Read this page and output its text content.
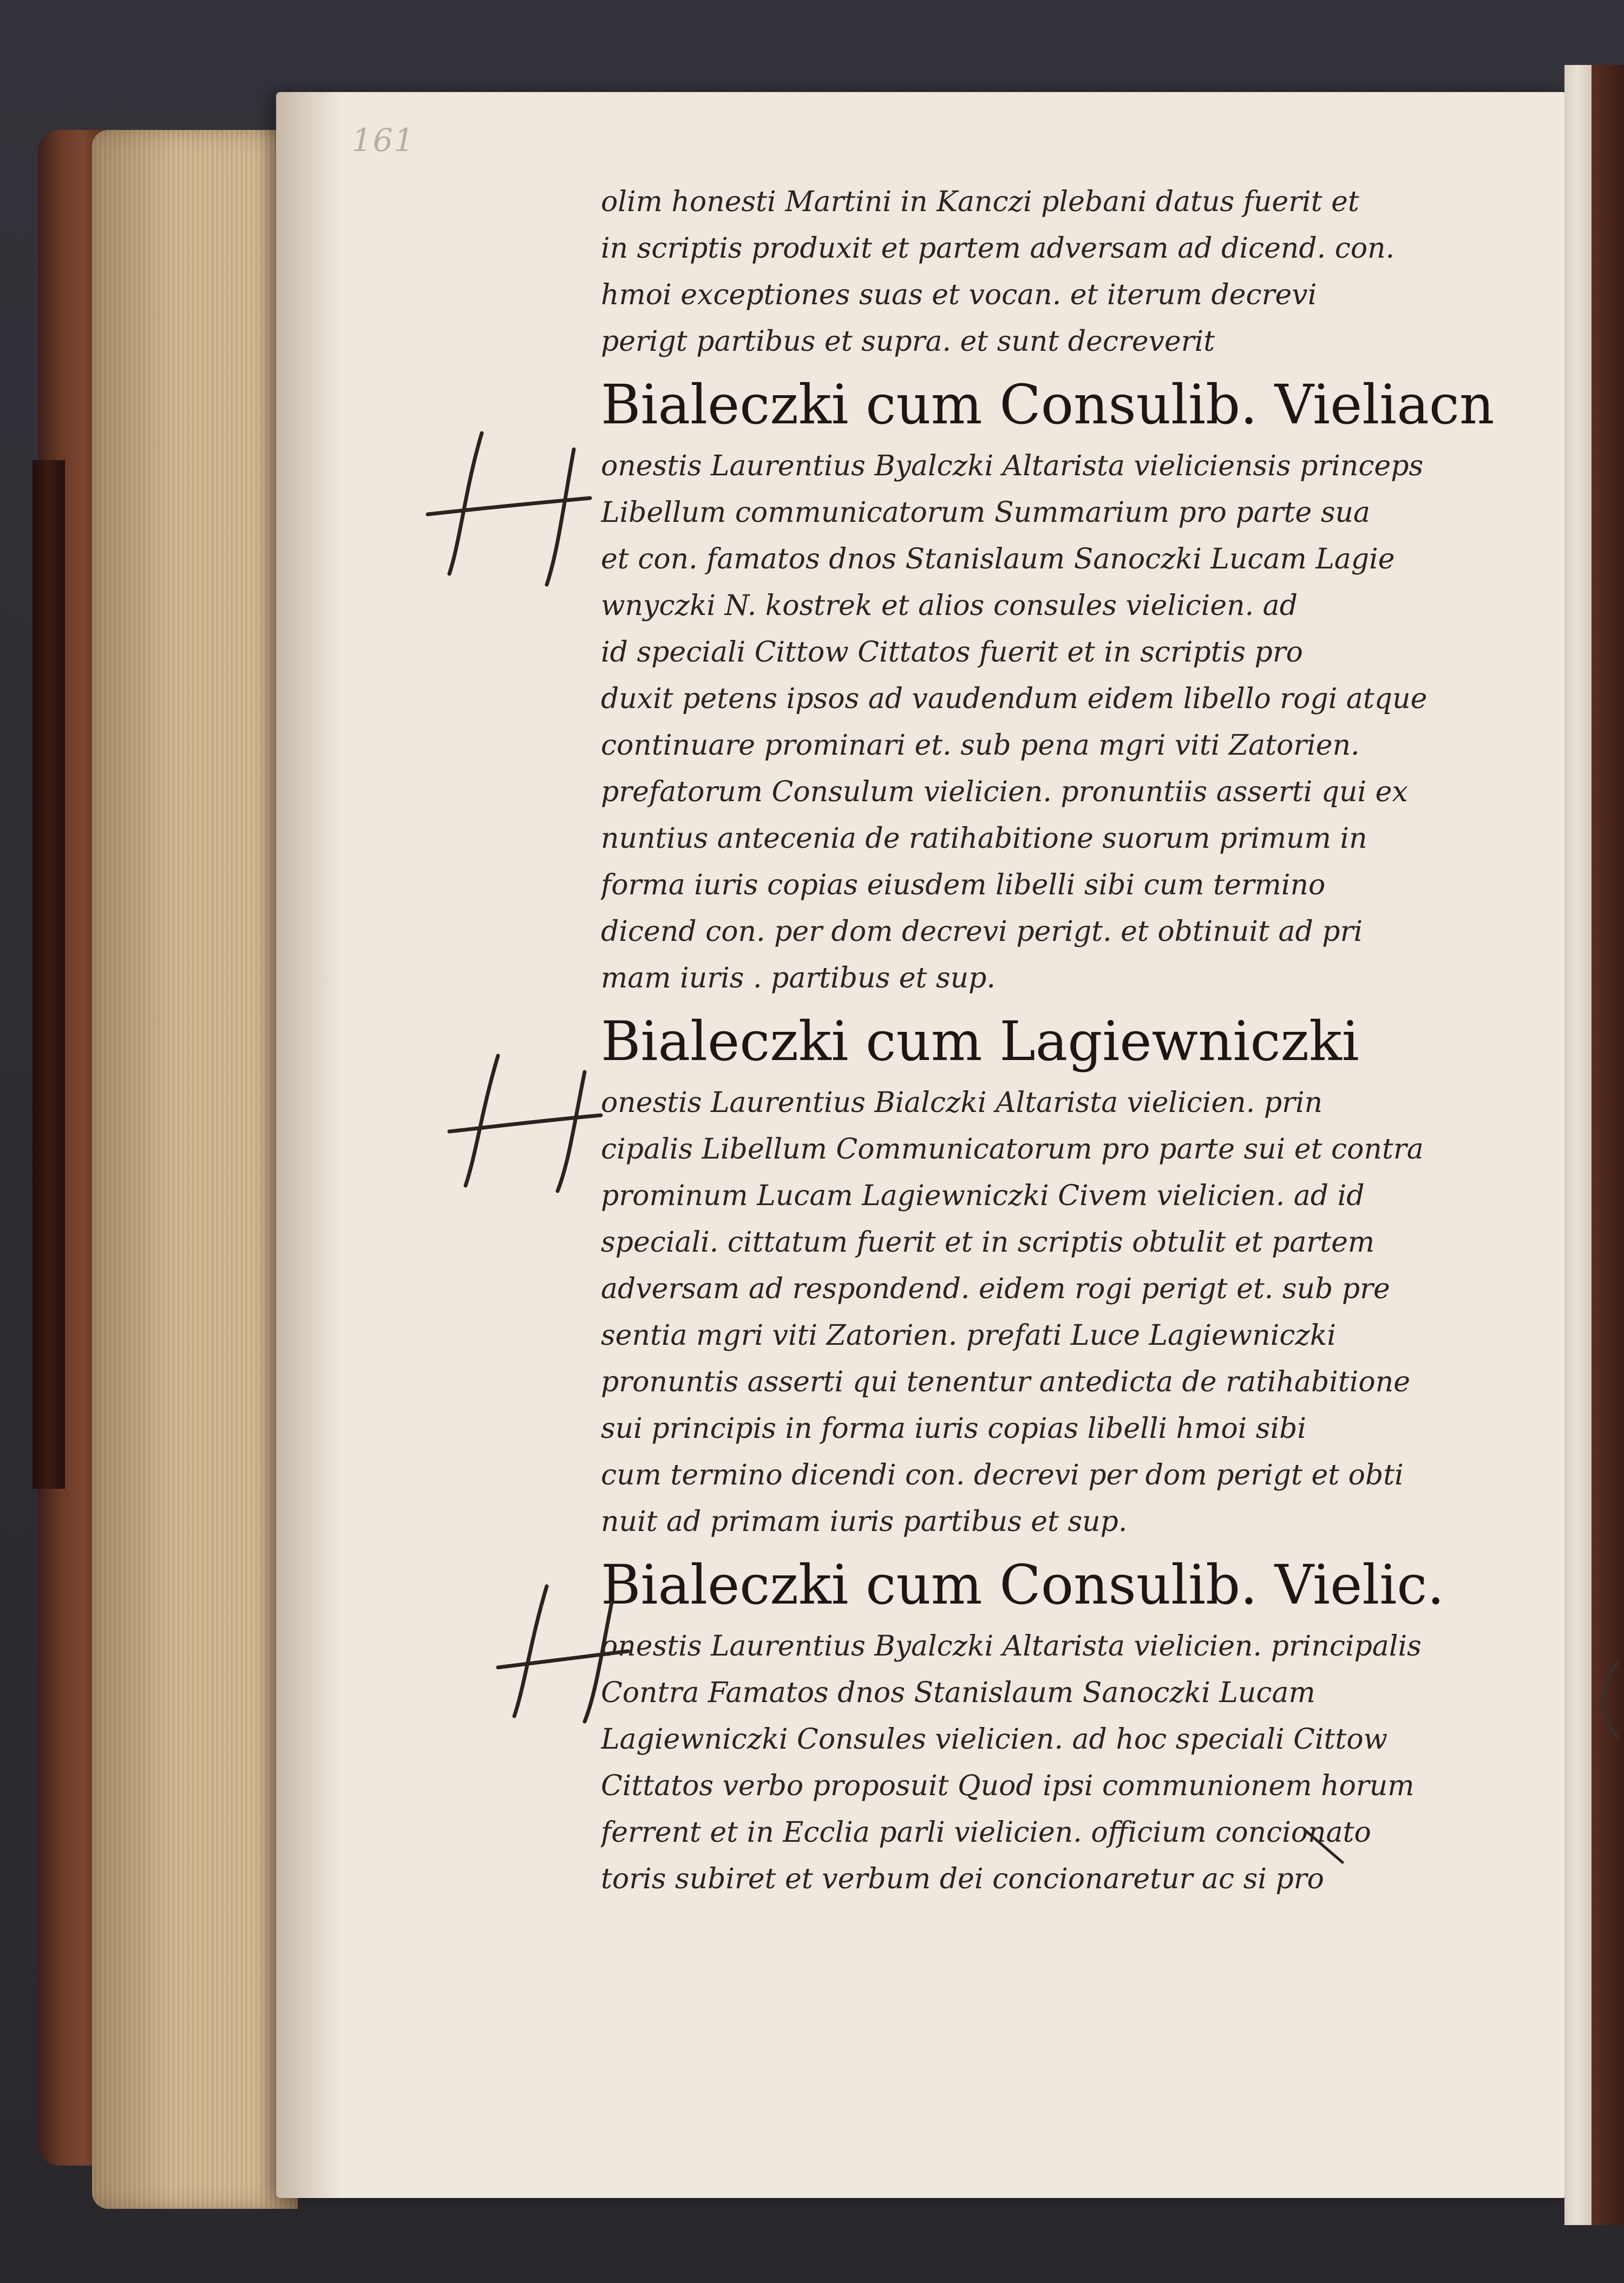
161
olim honesti Martini in Kanczi plebani datus fuerit et
in scriptis produxit et partem adversam ad dicend. con.
hmoi exceptiones suas et vocan. et iterum decrevi
perigt partibus et supra. et sunt decreverit
Bialeczki cum Consulib. Vieliacn
onestis Laurentius Byalczki Altarista vieliciensis princeps
Libellum communicatorum Summarium pro parte sua
et con. famatos dnos Stanislaum Sanoczki Lucam Lagie
wnyczki N. kostrek et alios consules vielicien. ad
id speciali Cittow Cittatos fuerit et in scriptis pro
duxit petens ipsos ad vaudendum eidem libello rogi atque
continuare prominari et. sub pena mgri viti Zatorien.
prefatorum Consulum vielicien. pronuntiis asserti qui ex
nuntius antecenia de ratihabitione suorum primum in
forma iuris copias eiusdem libelli sibi cum termino
dicend con. per dom decrevi perigt. et obtinuit ad pri
mam iuris . partibus et sup.
Bialeczki cum Lagiewniczki
onestis Laurentius Bialczki Altarista vielicien. prin
cipalis Libellum Communicatorum pro parte sui et contra
prominum Lucam Lagiewniczki Civem vielicien. ad id
speciali. cittatum fuerit et in scriptis obtulit et partem
adversam ad respondend. eidem rogi perigt et. sub pre
sentia mgri viti Zatorien. prefati Luce Lagiewniczki
pronuntis asserti qui tenentur antedicta de ratihabitione
sui principis in forma iuris copias libelli hmoi sibi
cum termino dicendi con. decrevi per dom perigt et obti
nuit ad primam iuris partibus et sup.
Bialeczki cum Consulib. Vielic.
onestis Laurentius Byalczki Altarista vielicien. principalis
Contra Famatos dnos Stanislaum Sanoczki Lucam
Lagiewniczki Consules vielicien. ad hoc speciali Cittow
Cittatos verbo proposuit Quod ipsi communionem horum
ferrent et in Ecclia parli vielicien. officium concionato
toris subiret et verbum dei concionaretur ac si pro
